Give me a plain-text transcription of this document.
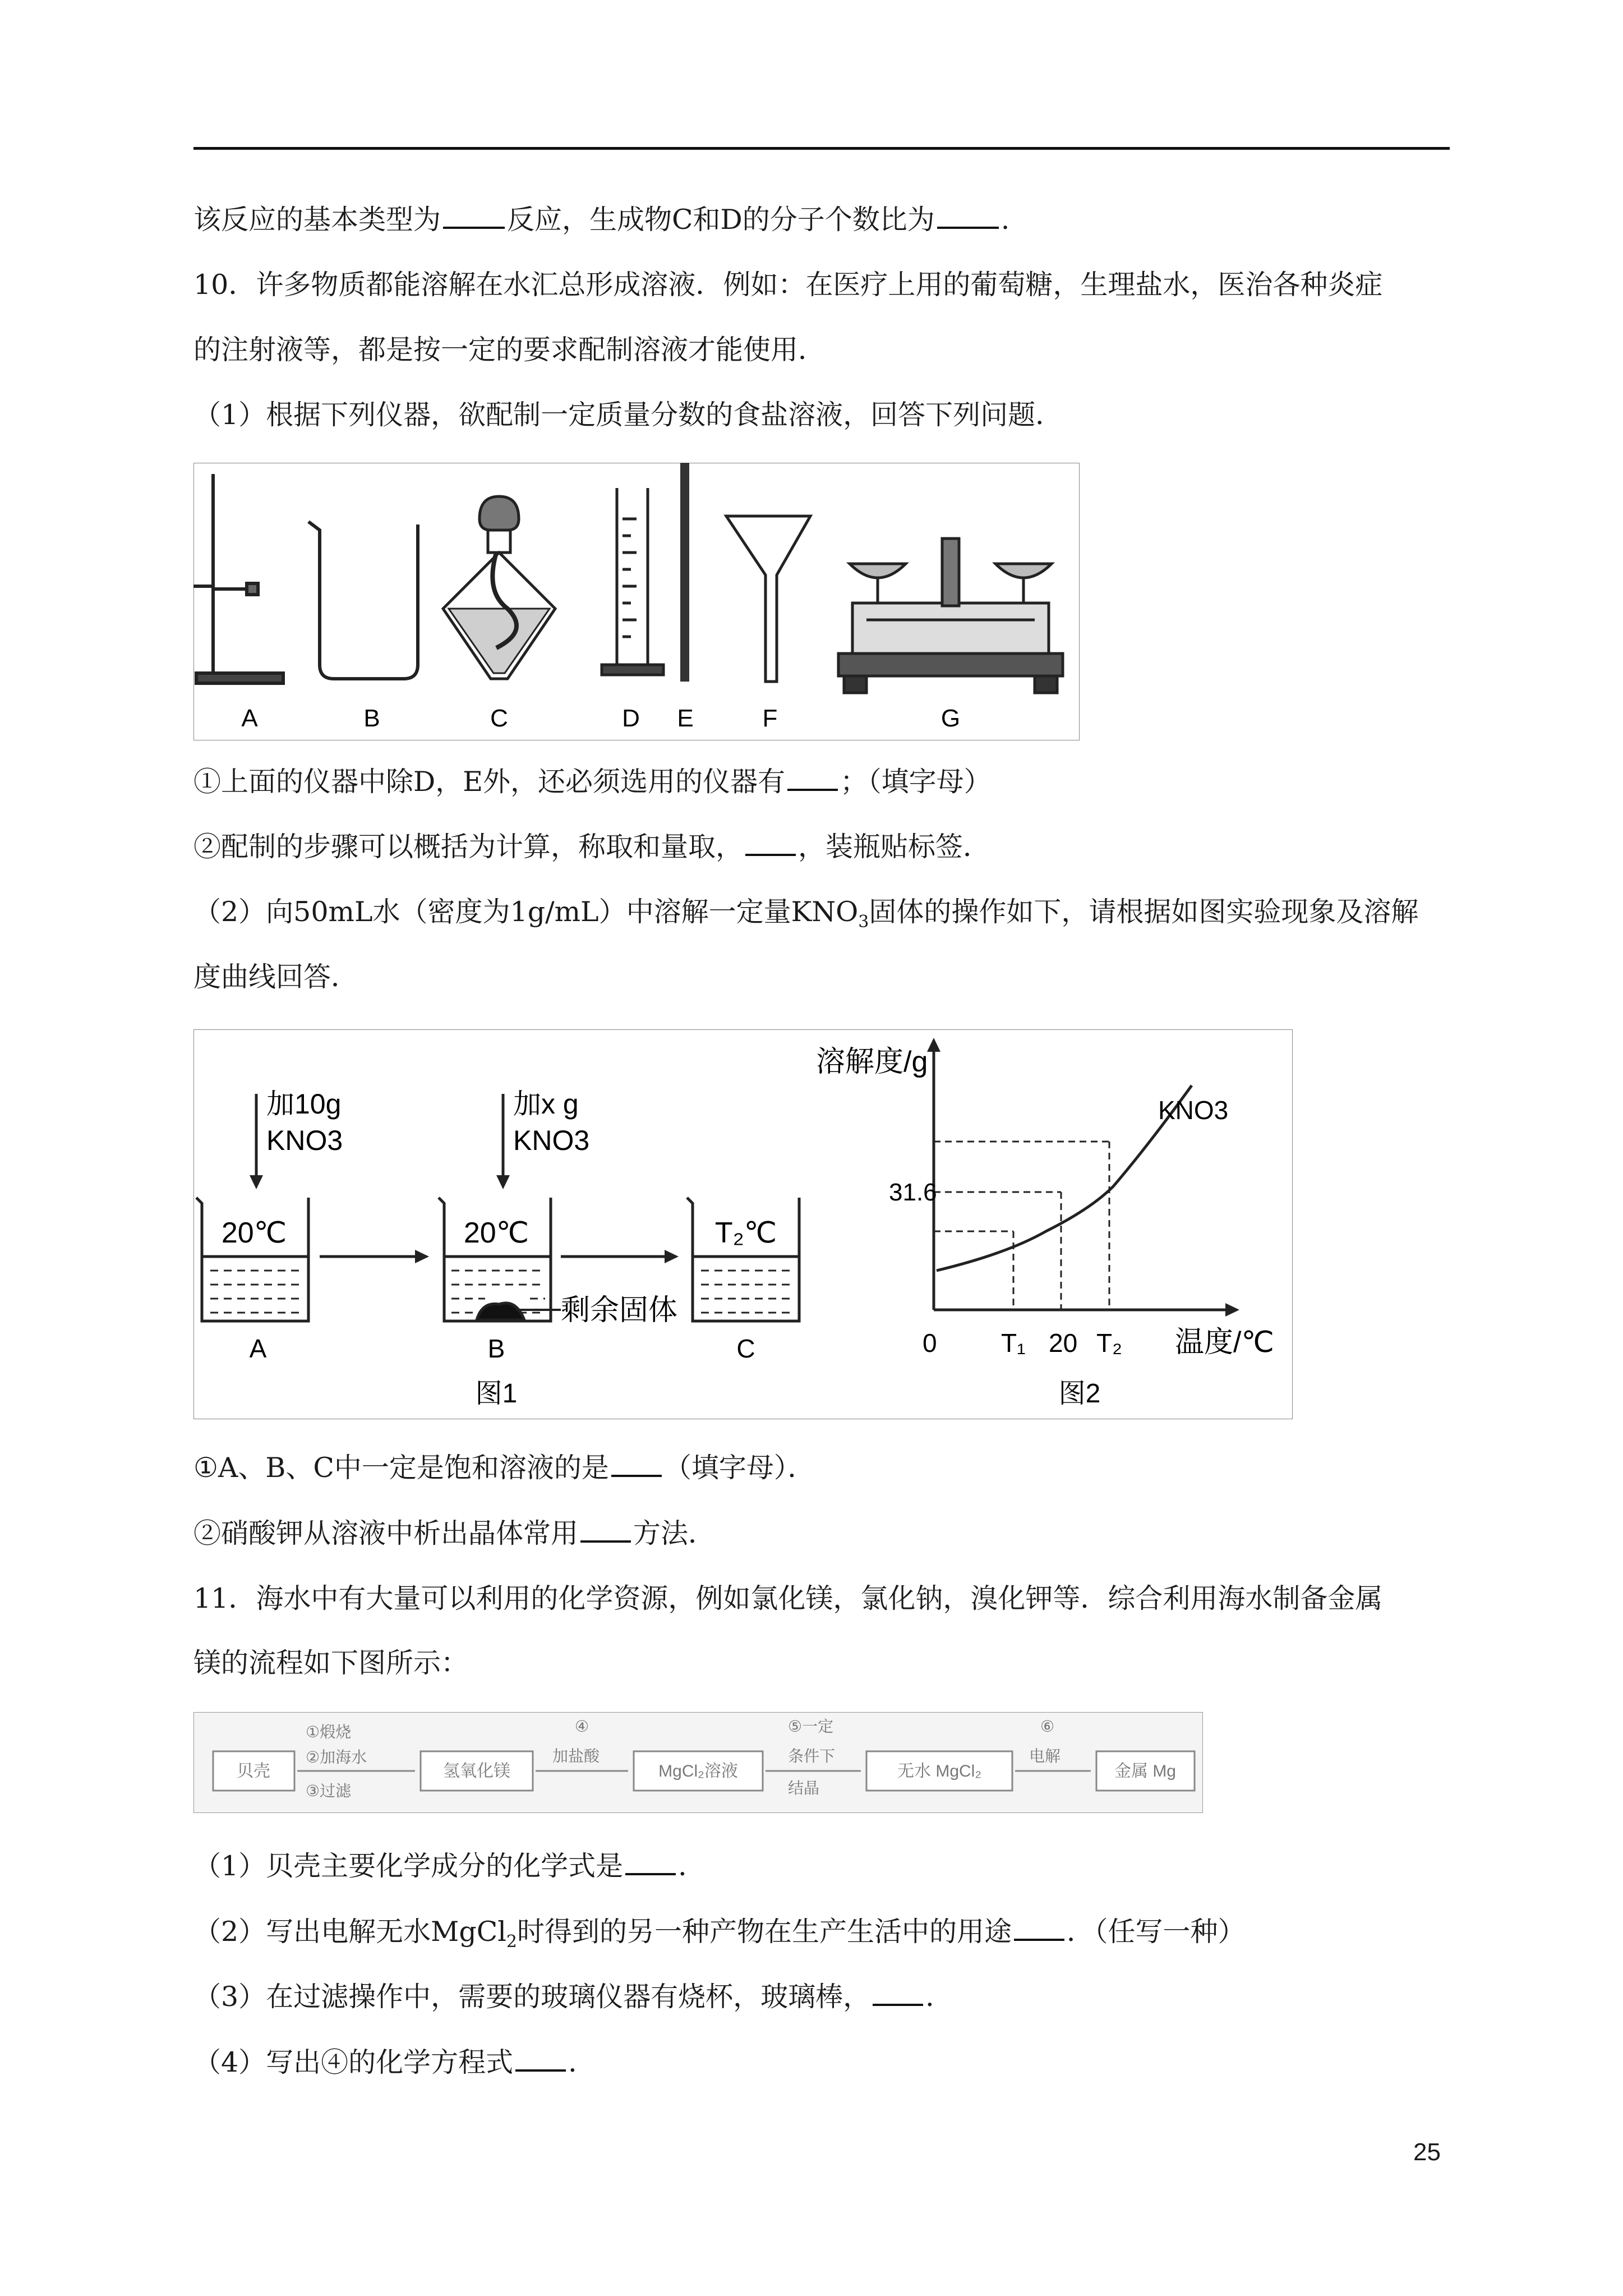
该反应的基本类型为 反应，生成物C和D的分子个数比为 .
10．许多物质都能溶解在水汇总形成溶液．例如：在医疗上用的葡萄糖，生理盐水，医治各种炎症
的注射液等，都是按一定的要求配制溶液才能使用．
（1）根据下列仪器，欲配制一定质量分数的食盐溶液，回答下列问题．
A	B	C	D E	F	G
①上面的仪器中除D，E外，还必须选用的仪器有 ；（填字母）
②配制的步骤可以概括为计算，称取和量取， ，装瓶贴标签．
（2）向50mL水（密度为1g/mL）中溶解一定量$KNO_3$固体的操作如下，请根据如图实验现象及溶解
度曲线回答．
20℃
加10g
KNO3
20℃
加x g
KNO3
剩余固体
T₂℃
A	B	C
图1
溶解度/g
KNO3
31.6
0 T₁ 20 T₂ 温度/℃
图2
①A、B、C中一定是饱和溶液的是 （填字母）．
②硝酸钾从溶液中析出晶体常用 方法．
11．海水中有大量可以利用的化学资源，例如氯化镁，氯化钠，溴化钾等．综合利用海水制备金属
镁的流程如下图所示：
贝壳	氢氧化镁	MgCl₂溶液	无水 MgCl₂	金属 Mg
①煅烧
②加海水
③过滤
④
加盐酸
⑤一定
条件下
结晶
⑥
电解
（1）贝壳主要化学成分的化学式是 ．
（2）写出电解无水MgCl$_2$时得到的另一种产物在生产生活中的用途 ．（任写一种）
（3）在过滤操作中，需要的玻璃仪器有烧杯，玻璃棒， ．
（4）写出④的化学方程式 ．
25
